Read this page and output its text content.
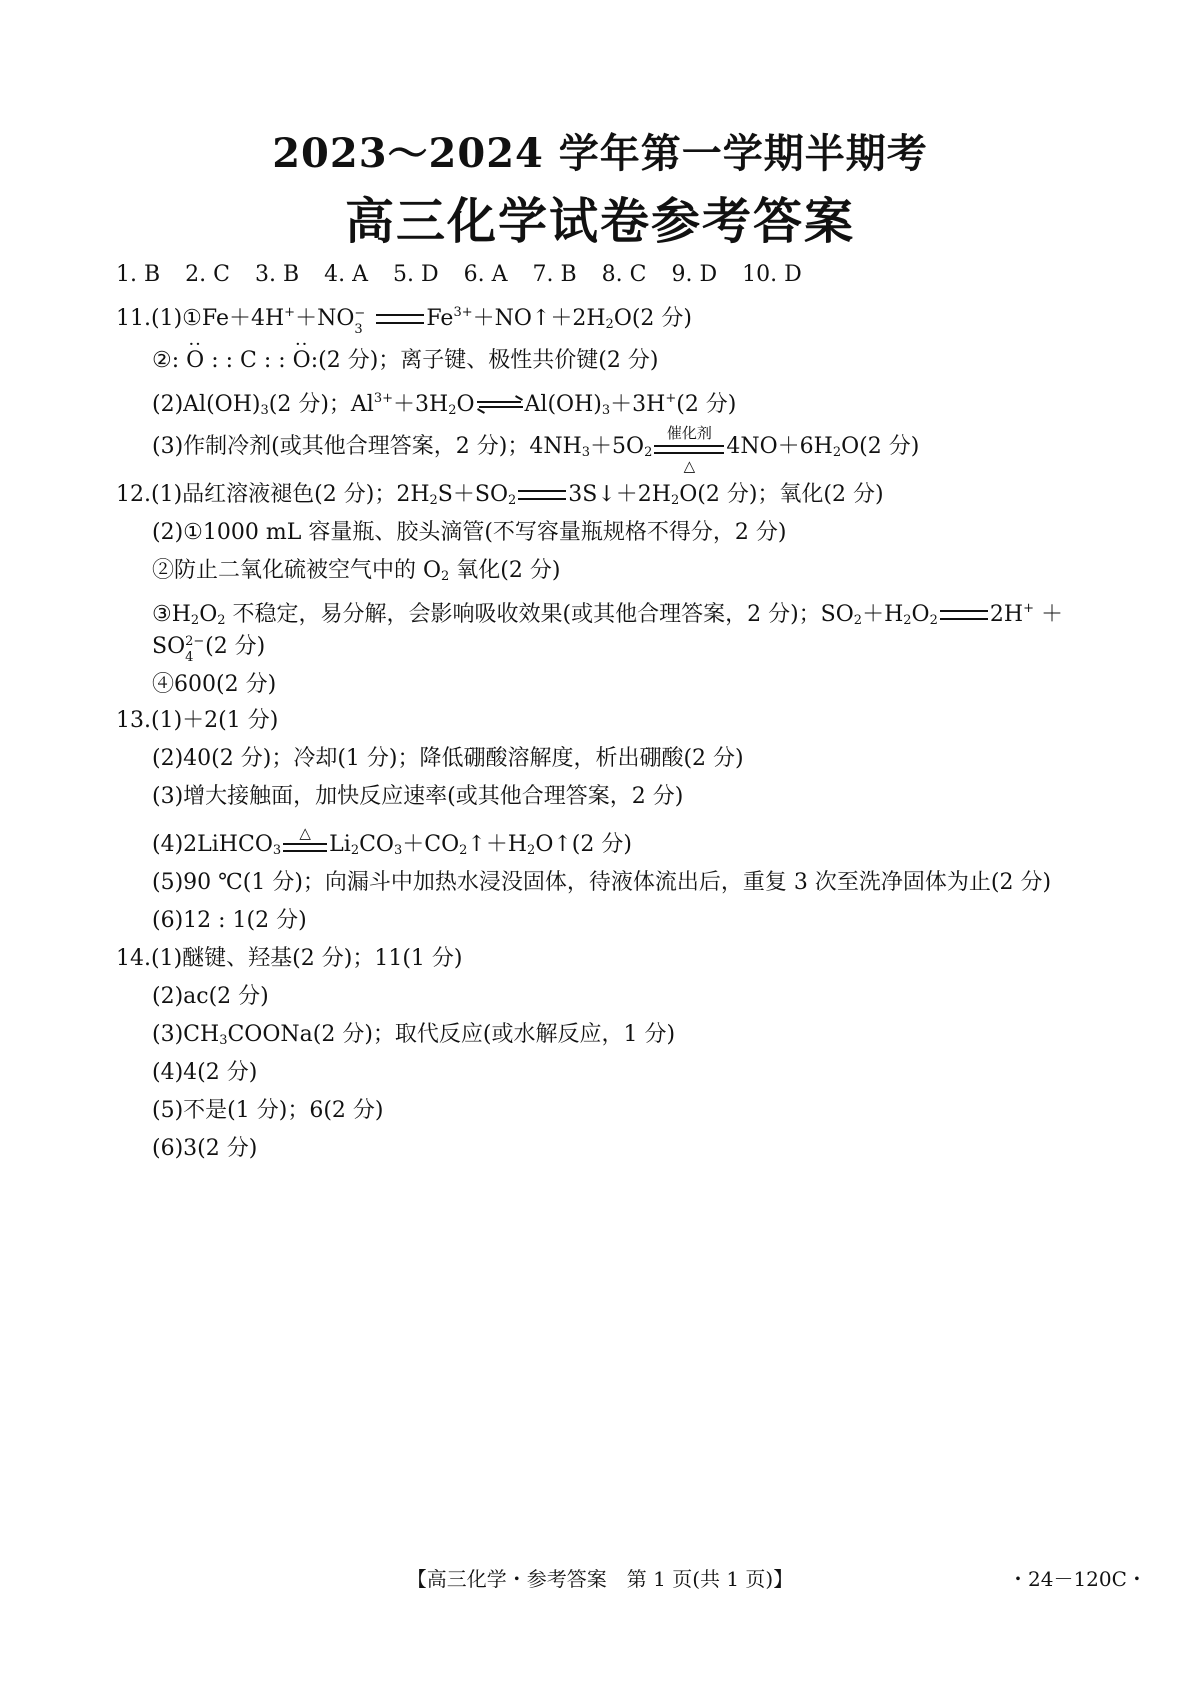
2023～2024 学年第一学期半期考
高三化学试卷参考答案
1. B 2. C 3. B 4. A 5. D 6. A 7. B 8. C 9. D 10. D
11.(1)①Fe＋4H+＋NO −
3	$Fe^{3+}+NO↑+2H_2O(2$ 分)
②: ·· O : : C : : ·· O:(2 分)；离子键、极性共价键(2 分)
$(2)Al(OH)_3(2$ 分)；$Al^{3+}+3H_2O$ $Al(OH)_3+3H^+(2$ 分)
(3)作制冷剂(或其他合理答案，2 分)；$4NH_3+5O_2$
催化剂
△
$4NO+6H_2O(2$ 分)
12.(1)品红溶液褪色(2 分)；$2H_2S+SO_2$ $3S↓+2H_2O(2$ 分)；氧化(2 分)
(2)①1000 mL 容量瓶、胶头滴管(不写容量瓶规格不得分，2 分)
②防止二氧化硫被空气中的 $O_2$ 氧化(2 分)
$③H_2O_2$ 不稳定，易分解，会影响吸收效果(或其他合理答案，2 分)；$SO_2+H_2O_2$ 2H+ ＋
SO 2−
4 (2 分)
④600(2 分)
13.(1)＋2(1 分)
(2)40(2 分)；冷却(1 分)；降低硼酸溶解度，析出硼酸(2 分)
(3)增大接触面，加快反应速率(或其他合理答案，2 分)
(4)2LiHCO$_3$
△ $Li_2CO_3+CO_2↑+H_2O↑(2$ 分)
(5)90 ℃(1 分)；向漏斗中加热水浸没固体，待液体流出后，重复 3 次至洗净固体为止(2 分)
(6)12 : 1(2 分)
14.(1)醚键、羟基(2 分)；11(1 分)
(2)ac(2 分)
$(3)CH_3COONa(2$ 分)；取代反应(或水解反应，1 分)
(4)4(2 分)
(5)不是(1 分)；6(2 分)
(6)3(2 分)
【高三化学・参考答案　第 1 页(共 1 页)】	・24－120C・
